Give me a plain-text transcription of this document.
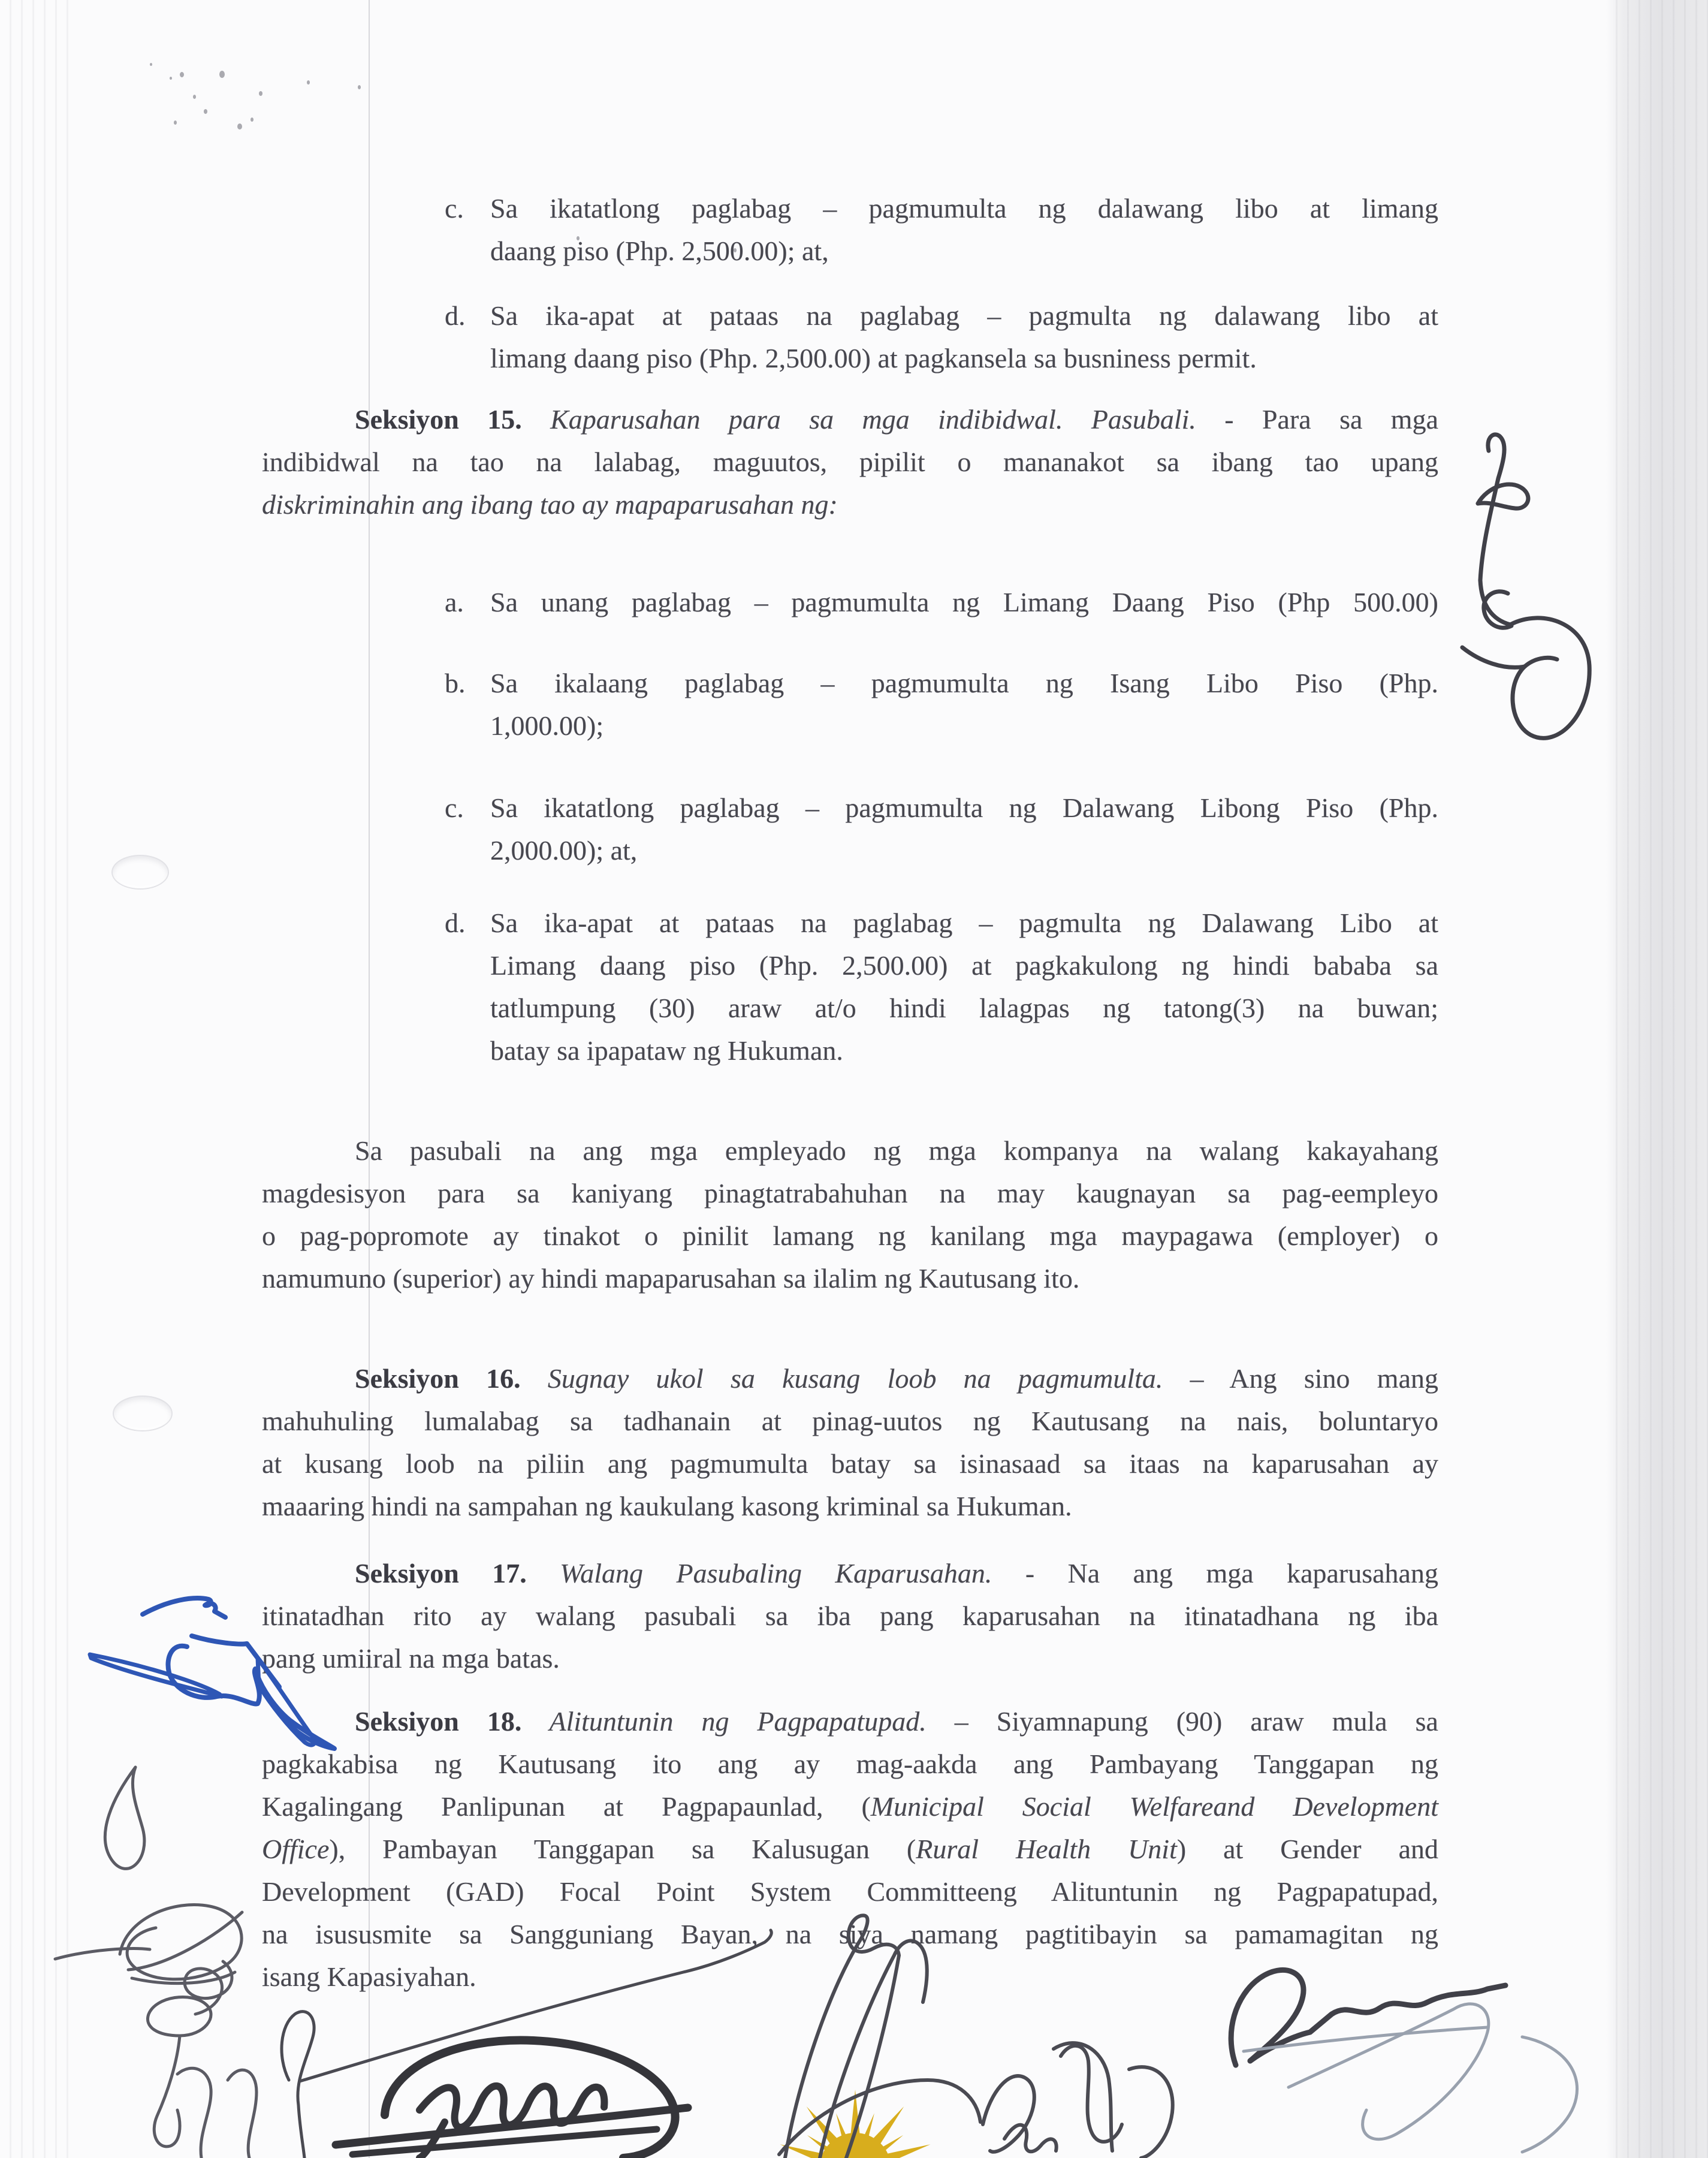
Sa ikatatlong paglabag – pagmumulta ng dalawang libo at limang
c.
daang piso (Php. 2,500.00); at,
Sa ika-apat at pataas na paglabag – pagmulta ng dalawang libo at
d.
limang daang piso (Php. 2,500.00) at pagkansela sa busniness permit.
Seksiyon 15. Kaparusahan para sa mga indibidwal. Pasubali. - Para sa mga
indibidwal na tao na lalabag, maguutos, pipilit o mananakot sa ibang tao upang
diskriminahin ang ibang tao ay mapaparusahan ng:
Sa unang paglabag – pagmumulta ng Limang Daang Piso (Php 500.00)
a.
Sa ikalaang paglabag – pagmumulta ng Isang Libo Piso (Php.
b.
1,000.00);
Sa ikatatlong paglabag – pagmumulta ng Dalawang Libong Piso (Php.
c.
2,000.00); at,
Sa ika-apat at pataas na paglabag – pagmulta ng Dalawang Libo at
d.
Limang daang piso (Php. 2,500.00) at pagkakulong ng hindi bababa sa
tatlumpung (30) araw at/o hindi lalagpas ng tatong(3) na buwan;
batay sa ipapataw ng Hukuman.
Sa pasubali na ang mga empleyado ng mga kompanya na walang kakayahang
magdesisyon para sa kaniyang pinagtatrabahuhan na may kaugnayan sa pag-eempleyo
o pag-popromote ay tinakot o pinilit lamang ng kanilang mga maypagawa (employer) o
namumuno (superior) ay hindi mapaparusahan sa ilalim ng Kautusang ito.
Seksiyon 16. Sugnay ukol sa kusang loob na pagmumulta. – Ang sino mang
mahuhuling lumalabag sa tadhanain at pinag-uutos ng Kautusang na nais, boluntaryo
at kusang loob na piliin ang pagmumulta batay sa isinasaad sa itaas na kaparusahan ay
maaaring hindi na sampahan ng kaukulang kasong kriminal sa Hukuman.
Seksiyon 17. Walang Pasubaling Kaparusahan. - Na ang mga kaparusahang
itinatadhan rito ay walang pasubali sa iba pang kaparusahan na itinatadhana ng iba
pang umiiral na mga batas.
Seksiyon 18. Alituntunin ng Pagpapatupad. – Siyamnapung (90) araw mula sa
pagkakabisa ng Kautusang ito ang ay mag-aakda ang Pambayang Tanggapan ng
Kagalingang Panlipunan at Pagpapaunlad, (Municipal Social Welfareand Development
Office), Pambayan Tanggapan sa Kalusugan (Rural Health Unit) at Gender and
Development (GAD) Focal Point System Committeeng Alituntunin ng Pagpapatupad,
na isususmite sa Sangguniang Bayan, na siya namang pagtitibayin sa pamamagitan ng
isang Kapasiyahan.
